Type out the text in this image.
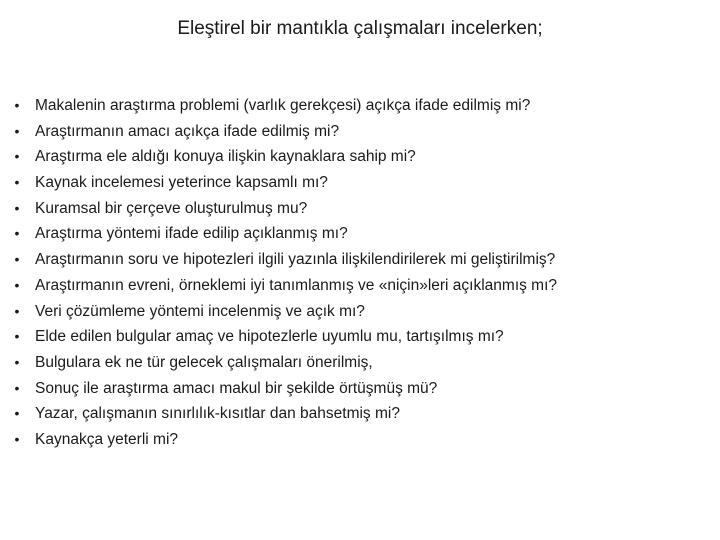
Eleştirel bir mantıkla çalışmaları incelerken;
• Makalenin araştırma problemi (varlık gerekçesi) açıkça ifade edilmiş mi?
• Araştırmanın amacı açıkça ifade edilmiş mi?
• Araştırma ele aldığı konuya ilişkin kaynaklara sahip mi?
• Kaynak incelemesi yeterince kapsamlı mı?
• Kuramsal bir çerçeve oluşturulmuş mu?
• Araştırma yöntemi ifade edilip açıklanmış mı?
• Araştırmanın soru ve hipotezleri ilgili yazınla ilişkilendirilerek mi geliştirilmiş?
• Araştırmanın evreni, örneklemi iyi tanımlanmış ve «niçin»leri açıklanmış mı?
• Veri çözümleme yöntemi incelenmiş ve açık mı?
• Elde edilen bulgular amaç ve hipotezlerle uyumlu mu, tartışılmış mı?
• Bulgulara ek ne tür gelecek çalışmaları önerilmiş,
• Sonuç ile araştırma amacı makul bir şekilde örtüşmüş mü?
• Yazar, çalışmanın sınırlılık-kısıtlar dan bahsetmiş mi?
• Kaynakça yeterli mi?
